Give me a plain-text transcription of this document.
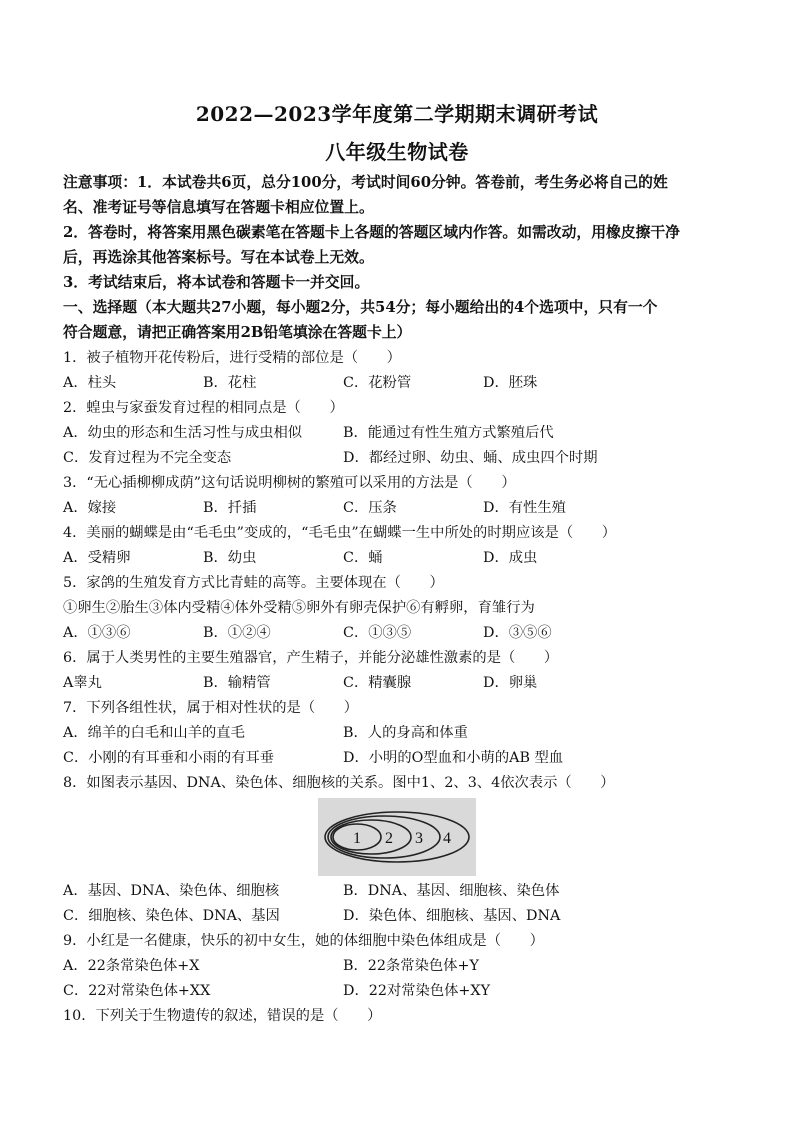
2022—2023学年度第二学期期末调研考试
八年级生物试卷
注意事项：1．本试卷共6页，总分100分，考试时间60分钟。答卷前，考生务必将自己的姓
名、准考证号等信息填写在答题卡相应位置上。
2．答卷时，将答案用黑色碳素笔在答题卡上各题的答题区域内作答。如需改动，用橡皮擦干净
后，再选涂其他答案标号。写在本试卷上无效。
3．考试结束后，将本试卷和答题卡一并交回。
一、选择题（本大题共27小题，每小题2分，共54分；每小题给出的4个选项中，只有一个
符合题意，请把正确答案用2B铅笔填涂在答题卡上）
1．被子植物开花传粉后，进行受精的部位是（　　）
A．柱头	B．花柱	C．花粉管	D．胚珠
2．蝗虫与家蚕发育过程的相同点是（　　）
A．幼虫的形态和生活习性与成虫相似	B．能通过有性生殖方式繁殖后代
C．发育过程为不完全变态	D．都经过卵、幼虫、蛹、成虫四个时期
3．“无心插柳柳成荫”这句话说明柳树的繁殖可以采用的方法是（　　）
A．嫁接	B．扦插	C．压条	D．有性生殖
4．美丽的蝴蝶是由“毛毛虫”变成的，“毛毛虫”在蝴蝶一生中所处的时期应该是（　　）
A．受精卵	B．幼虫	C．蛹	D．成虫
5．家鸽的生殖发育方式比青蛙的高等。主要体现在（　　）
①卵生②胎生③体内受精④体外受精⑤卵外有卵壳保护⑥有孵卵，育雏行为
A．①③⑥	B．①②④	C．①③⑤	D．③⑤⑥
6．属于人类男性的主要生殖器官，产生精子，并能分泌雄性激素的是（　　）
A睾丸	B．输精管	C．精囊腺	D．卵巢
7．下列各组性状，属于相对性状的是（　　）
A．绵羊的白毛和山羊的直毛	B．人的身高和体重
C．小刚的有耳垂和小雨的有耳垂	D．小明的O型血和小萌的AB 型血
8．如图表示基因、DNA、染色体、细胞核的关系。图中1、2、3、4依次表示（　　）
1 2 3 4
A．基因、DNA、染色体、细胞核	B．DNA、基因、细胞核、染色体
C．细胞核、染色体、DNA、基因	D．染色体、细胞核、基因、DNA
9．小红是一名健康，快乐的初中女生，她的体细胞中染色体组成是（　　）
A．22条常染色体+X	B．22条常染色体+Y
C．22对常染色体+XX	D．22对常染色体+XY
10．下列关于生物遗传的叙述，错误的是（　　）
